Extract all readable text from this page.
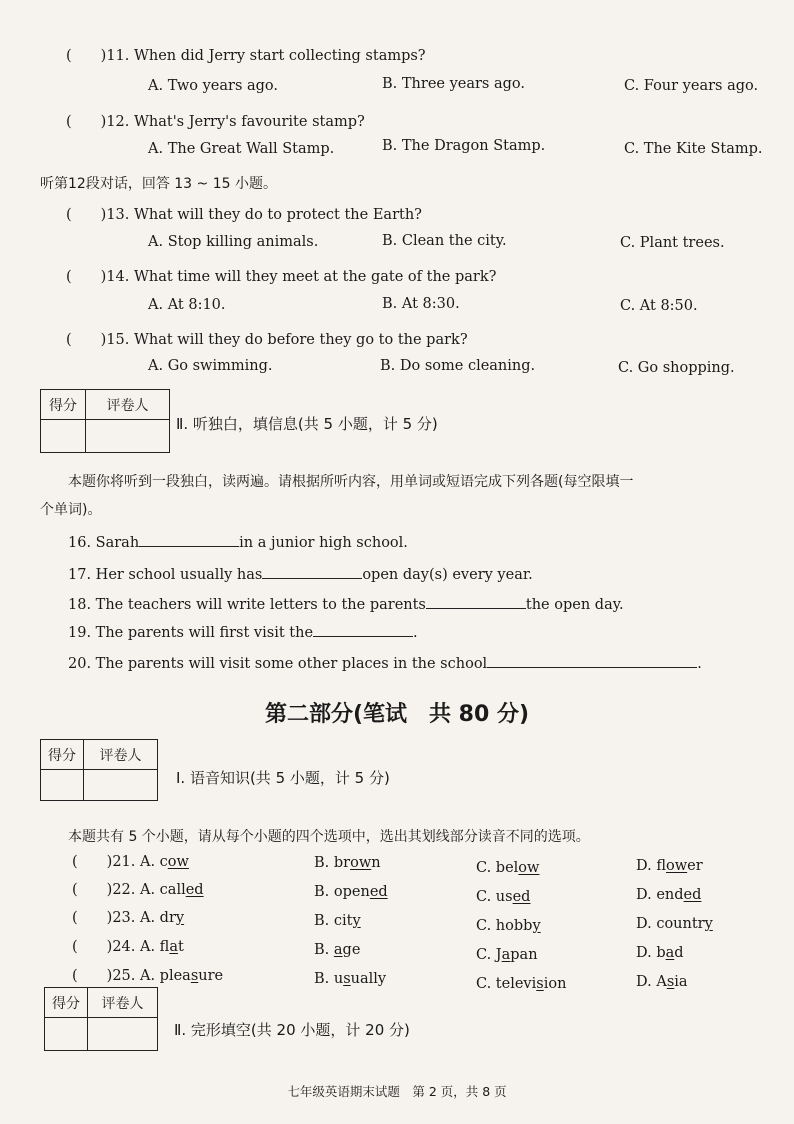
(　　)11. When did Jerry start collecting stamps?
A. Two years ago.	B. Three years ago.	C. Four years ago.
(　　)12. What's Jerry's favourite stamp?
A. The Great Wall Stamp.	B. The Dragon Stamp.	C. The Kite Stamp.
听第12段对话，回答 13 ~ 15 小题。
(　　)13. What will they do to protect the Earth?
A. Stop killing animals.	B. Clean the city.	C. Plant trees.
(　　)14. What time will they meet at the gate of the park?
A. At 8:10.	B. At 8:30.	C. At 8:50.
(　　)15. What will they do before they go to the park?
A. Go swimming.	B. Do some cleaning.	C. Go shopping.
得分	评卷人

Ⅱ. 听独白，填信息(共 5 小题，计 5 分)
本题你将听到一段独白，读两遍。请根据所听内容，用单词或短语完成下列各题(每空限填一
个单词)。
16. Sarah	in a junior high school.
17. Her school usually has	open day(s) every year.
18. The teachers will write letters to the parents	the open day.
19. The parents will first visit the	.
20. The parents will visit some other places in the school	.
第二部分(笔试　共 80 分)
得分	评卷人

Ⅰ. 语音知识(共 5 小题，计 5 分)
本题共有 5 个小题，请从每个小题的四个选项中，选出其划线部分读音不同的选项。
(　　)21. A. cow	B. brown	C. below	D. flower
(　　)22. A. called	B. opened	C. used	D. ended
(　　)23. A. dry	B. city	C. hobby	D. country
(　　)24. A. flat	B. age	C. Japan	D. bad
(　　)25. A. pleasure	B. usually	C. television	D. Asia
得分	评卷人

Ⅱ. 完形填空(共 20 小题，计 20 分)
七年级英语期末试题　第 2 页，共 8 页
